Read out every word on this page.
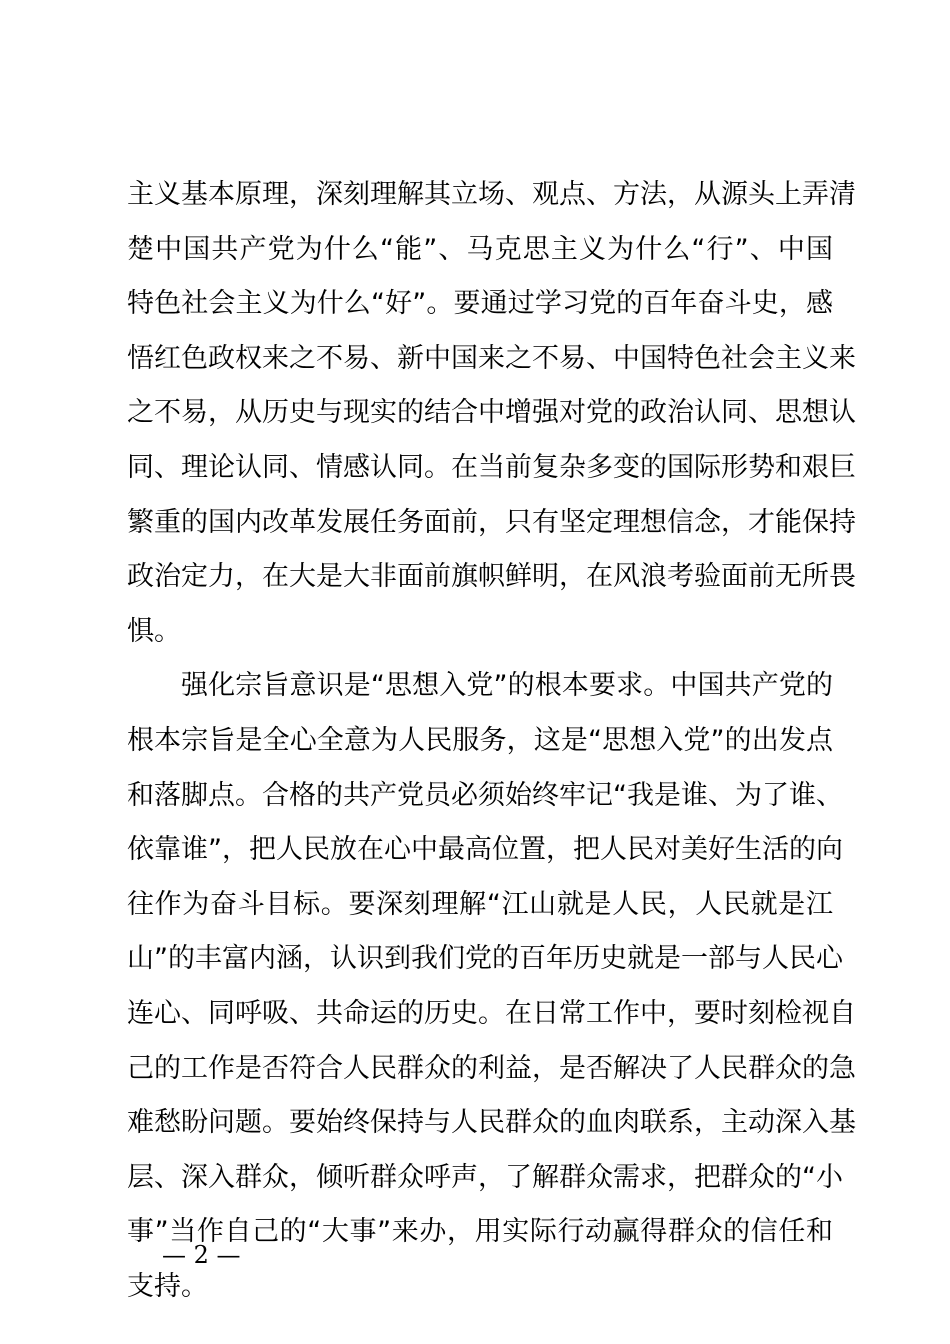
主义基本原理，深刻理解其立场、观点、方法，从源头上弄清
楚中国共产党为什么“能”、马克思主义为什么“行”、中国
特色社会主义为什么“好”。要通过学习党的百年奋斗史，感
悟红色政权来之不易、新中国来之不易、中国特色社会主义来
之不易，从历史与现实的结合中增强对党的政治认同、思想认
同、理论认同、情感认同。在当前复杂多变的国际形势和艰巨
繁重的国内改革发展任务面前，只有坚定理想信念，才能保持
政治定力，在大是大非面前旗帜鲜明，在风浪考验面前无所畏
惧。
强化宗旨意识是“思想入党”的根本要求。中国共产党的
根本宗旨是全心全意为人民服务，这是“思想入党”的出发点
和落脚点。合格的共产党员必须始终牢记“我是谁、为了谁、
依靠谁”，把人民放在心中最高位置，把人民对美好生活的向
往作为奋斗目标。要深刻理解“江山就是人民，人民就是江
山”的丰富内涵，认识到我们党的百年历史就是一部与人民心
连心、同呼吸、共命运的历史。在日常工作中，要时刻检视自
己的工作是否符合人民群众的利益，是否解决了人民群众的急
难愁盼问题。要始终保持与人民群众的血肉联系，主动深入基
层、深入群众，倾听群众呼声，了解群众需求，把群众的“小
事”当作自己的“大事”来办，用实际行动赢得群众的信任和
支持。
— 2 —
